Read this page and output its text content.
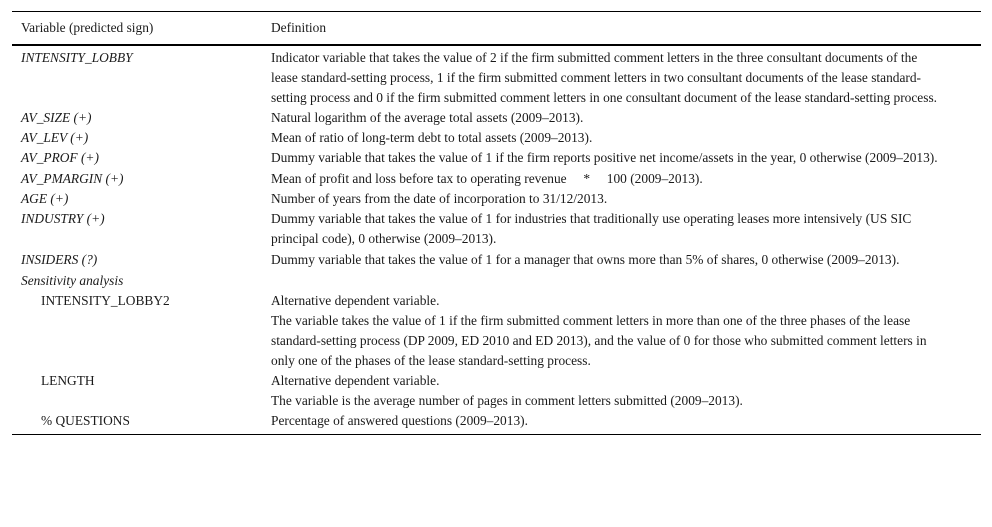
Variable (predicted sign)	Definition
INTENSITY_LOBBY	Indicator variable that takes the value of 2 if the firm submitted comment letters in the three consultant documents of the lease standard-setting process, 1 if the firm submitted comment letters in two consultant documents of the lease standard-setting process and 0 if the firm submitted comment letters in one consultant document of the lease standard-setting process.
AV_SIZE (+)	Natural logarithm of the average total assets (2009–2013).
AV_LEV (+)	Mean of ratio of long-term debt to total assets (2009–2013).
AV_PROF (+)	Dummy variable that takes the value of 1 if the firm reports positive net income/assets in the year, 0 otherwise (2009–2013).
AV_PMARGIN (+)	Mean of profit and loss before tax to operating revenue     *     100 (2009–2013).
AGE (+)	Number of years from the date of incorporation to 31/12/2013.
INDUSTRY (+)	Dummy variable that takes the value of 1 for industries that traditionally use operating leases more intensively (US SIC principal code), 0 otherwise (2009–2013).
INSIDERS (?)	Dummy variable that takes the value of 1 for a manager that owns more than 5% of shares, 0 otherwise (2009–2013).
Sensitivity analysis	
INTENSITY_LOBBY2	Alternative dependent variable.
The variable takes the value of 1 if the firm submitted comment letters in more than one of the three phases of the lease standard-setting process (DP 2009, ED 2010 and ED 2013), and the value of 0 for those who submitted comment letters in only one of the phases of the lease standard-setting process.

LENGTH	Alternative dependent variable.
The variable is the average number of pages in comment letters submitted (2009–2013).

% QUESTIONS	Percentage of answered questions (2009–2013).
